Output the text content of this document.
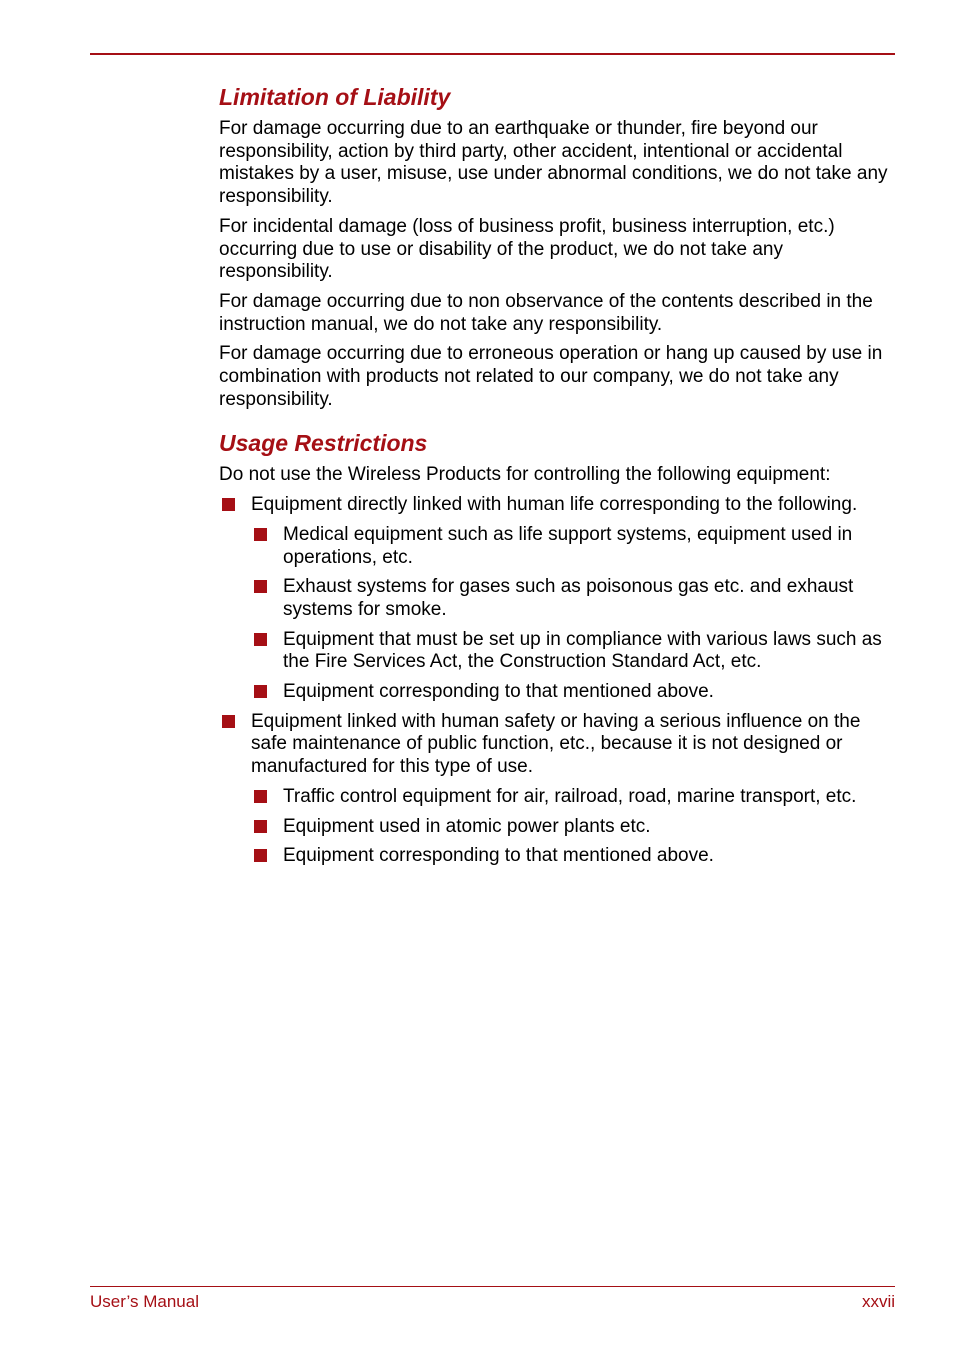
Limitation of Liability

For damage occurring due to an earthquake or thunder, fire beyond our responsibility, action by third party, other accident, intentional or accidental mistakes by a user, misuse, use under abnormal conditions, we do not take any responsibility.

For incidental damage (loss of business profit, business interruption, etc.) occurring due to use or disability of the product, we do not take any responsibility.

For damage occurring due to non observance of the contents described in the instruction manual, we do not take any responsibility.

For damage occurring due to erroneous operation or hang up caused by use in combination with products not related to our company, we do not take any responsibility.

Usage Restrictions

Do not use the Wireless Products for controlling the following equipment:

Equipment directly linked with human life corresponding to the following.

Medical equipment such as life support systems, equipment used in operations, etc.

Exhaust systems for gases such as poisonous gas etc. and exhaust systems for smoke.

Equipment that must be set up in compliance with various laws such as the Fire Services Act, the Construction Standard Act, etc.

Equipment corresponding to that mentioned above.

Equipment linked with human safety or having a serious influence on the safe maintenance of public function, etc., because it is not designed or manufactured for this type of use.

Traffic control equipment for air, railroad, road, marine transport, etc.

Equipment used in atomic power plants etc.

Equipment corresponding to that mentioned above.

User’s Manual	xxvii
